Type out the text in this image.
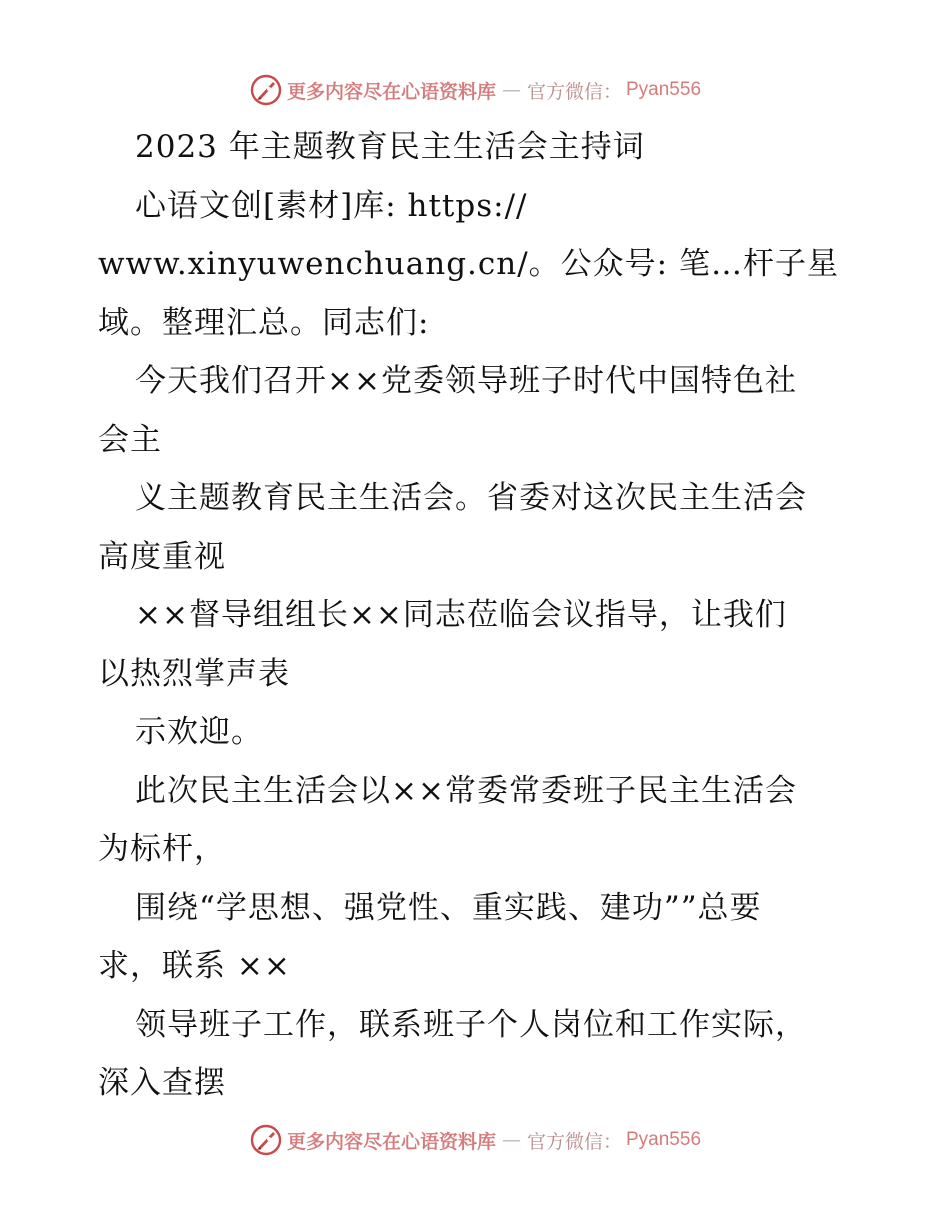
更多内容尽在心语资料库 — 官方微信： Pyan556
2023 年主题教育民主生活会主持词
心语文创[素材]库: https://
www.xinyuwenchuang.cn/。公众号: 笔…杆子星
域。整理汇总。同志们:
今天我们召开××党委领导班子时代中国特色社
会主
义主题教育民主生活会。省委对这次民主生活会
高度重视
××督导组组长××同志莅临会议指导，让我们
以热烈掌声表
示欢迎。
此次民主生活会以××常委常委班子民主生活会
为标杆，
围绕“学思想、强党性、重实践、建功””总要
求，联系 ××
领导班子工作，联系班子个人岗位和工作实际，
深入查摆
更多内容尽在心语资料库 — 官方微信： Pyan556
